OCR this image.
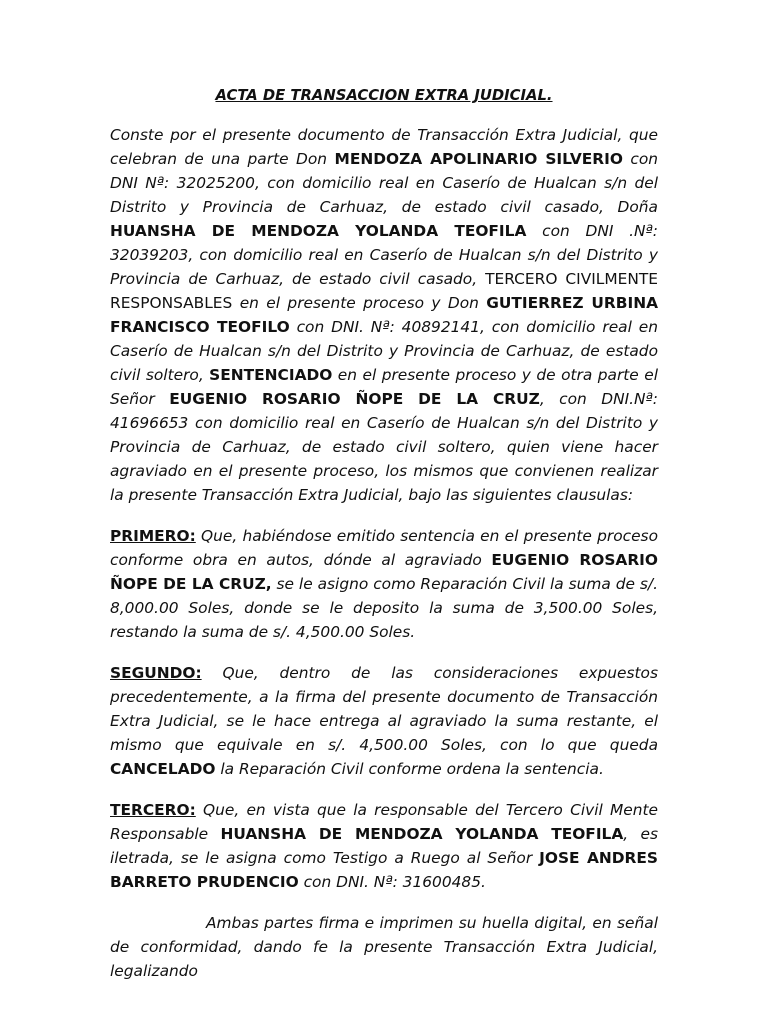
ACTA DE TRANSACCION EXTRA JUDICIAL.

Conste por el presente documento de Transacción Extra Judicial, que celebran de una parte Don MENDOZA APOLINARIO SILVERIO con DNI Nª: 32025200, con domicilio real en Caserío de Hualcan s/n del Distrito y Provincia de Carhuaz, de estado civil casado, Doña HUANSHA DE MENDOZA YOLANDA TEOFILA con DNI .Nª: 32039203, con domicilio real en Caserío de Hualcan s/n del Distrito y Provincia de Carhuaz, de estado civil casado, TERCERO CIVILMENTE RESPONSABLES en el presente proceso y Don GUTIERREZ URBINA FRANCISCO TEOFILO con DNI. Nª: 40892141, con domicilio real en Caserío de Hualcan s/n del Distrito y Provincia de Carhuaz, de estado civil soltero, SENTENCIADO en el presente proceso y de otra parte el Señor EUGENIO ROSARIO ÑOPE DE LA CRUZ, con DNI.Nª: 41696653 con domicilio real en Caserío de Hualcan s/n del Distrito y Provincia de Carhuaz, de estado civil soltero, quien viene hacer agraviado en el presente proceso, los mismos que convienen realizar la presente Transacción Extra Judicial, bajo las siguientes clausulas:

PRIMERO: Que, habiéndose emitido sentencia en el presente proceso conforme obra en autos, dónde al agraviado EUGENIO ROSARIO ÑOPE DE LA CRUZ, se le asigno como Reparación Civil la suma de s/. 8,000.00 Soles, donde se le deposito la suma de 3,500.00 Soles, restando la suma de s/. 4,500.00 Soles.

SEGUNDO: Que, dentro de las consideraciones expuestos precedentemente, a la firma del presente documento de Transacción Extra Judicial, se le hace entrega al agraviado la suma restante, el mismo que equivale en s/. 4,500.00 Soles, con lo que queda CANCELADO la Reparación Civil conforme ordena la sentencia.

TERCERO: Que, en vista que la responsable del Tercero Civil Mente Responsable HUANSHA DE MENDOZA YOLANDA TEOFILA, es iletrada, se le asigna como Testigo a Ruego al Señor JOSE ANDRES BARRETO PRUDENCIO con DNI. Nª: 31600485.

Ambas partes firma e imprimen su huella digital, en señal de conformidad, dando fe la presente Transacción Extra Judicial, legalizando
